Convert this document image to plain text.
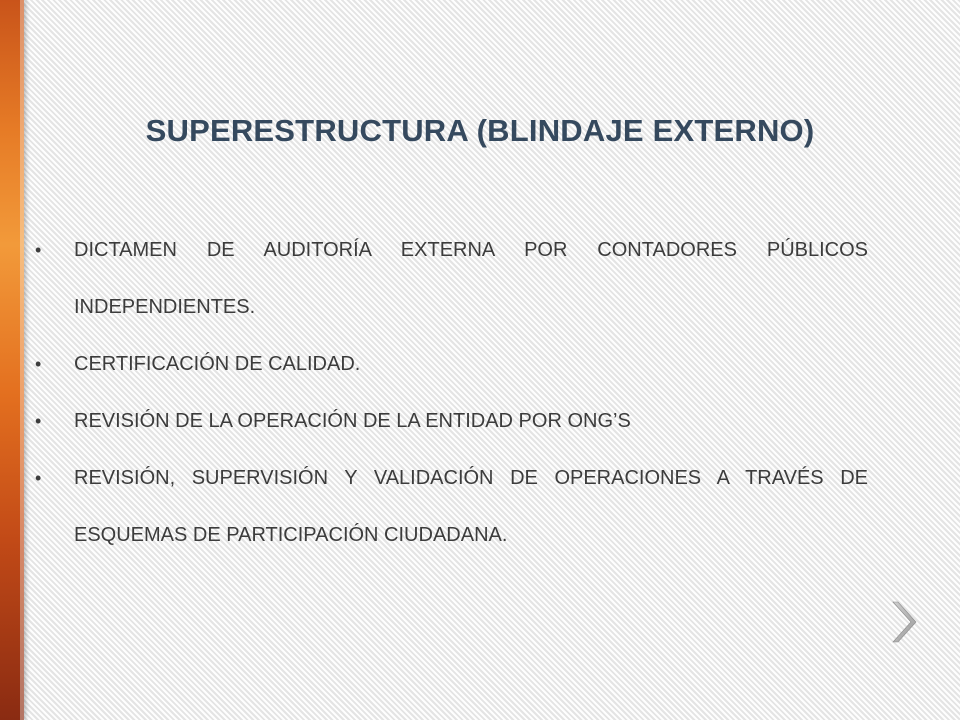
SUPERESTRUCTURA (BLINDAJE EXTERNO)
• DICTAMEN DE AUDITORÍA EXTERNA POR CONTADORES PÚBLICOS INDEPENDIENTES.
• CERTIFICACIÓN DE CALIDAD.
• REVISIÓN DE LA OPERACIÓN DE LA ENTIDAD POR ONG’S
• REVISIÓN, SUPERVISIÓN Y VALIDACIÓN DE OPERACIONES A TRAVÉS DE ESQUEMAS DE PARTICIPACIÓN CIUDADANA.
